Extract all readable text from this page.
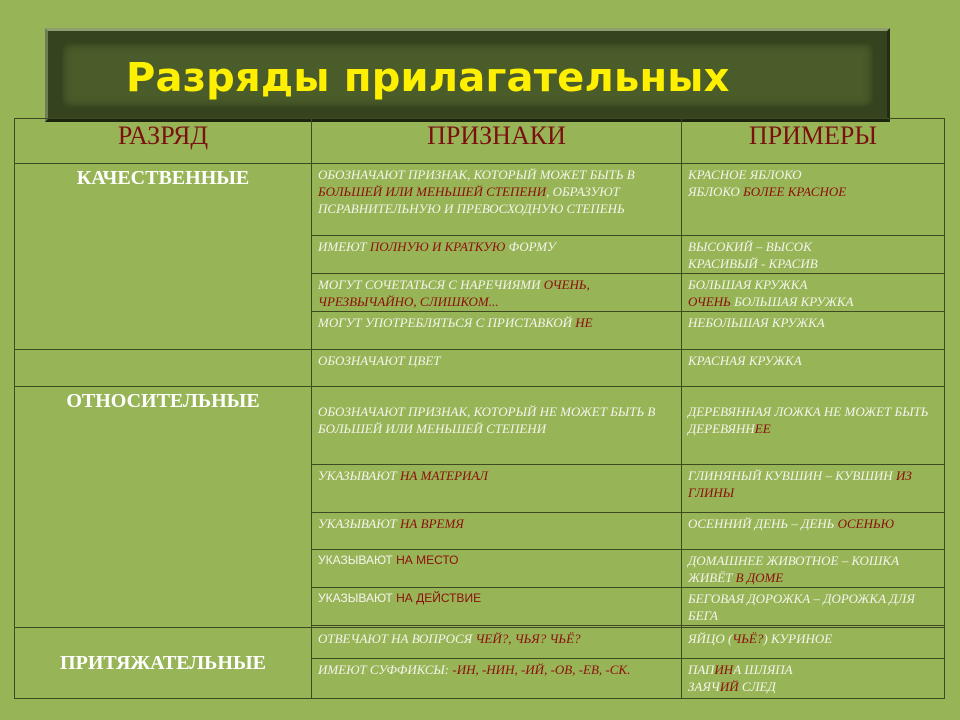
Разряды прилагательных
РАЗРЯД	ПРИЗНАКИ	ПРИМЕРЫ
КАЧЕСТВЕННЫЕ	ОБОЗНАЧАЮТ ПРИЗНАК, КОТОРЫЙ МОЖЕТ БЫТЬ В БОЛЬШЕЙ ИЛИ МЕНЬШЕЙ СТЕПЕНИ, ОБРАЗУЮТ ПСРАВНИТЕЛЬНУЮ И ПРЕВОСХОДНУЮ СТЕПЕНЬ	КРАСНОЕ ЯБЛОКО
ЯБЛОКО БОЛЕЕ КРАСНОЕ
	ИМЕЮТ ПОЛНУЮ И КРАТКУЮ ФОРМУ	ВЫСОКИЙ – ВЫСОК
КРАСИВЫЙ - КРАСИВ
	МОГУТ СОЧЕТАТЬСЯ С НАРЕЧИЯМИ ОЧЕНЬ, ЧРЕЗВЫЧАЙНО, СЛИШКОМ...	БОЛЬШАЯ КРУЖКА
ОЧЕНЬ БОЛЬШАЯ КРУЖКА
	МОГУТ УПОТРЕБЛЯТЬСЯ С ПРИСТАВКОЙ НЕ	НЕБОЛЬШАЯ КРУЖКА
	ОБОЗНАЧАЮТ ЦВЕТ	КРАСНАЯ КРУЖКА
ОТНОСИТЕЛЬНЫЕ	ОБОЗНАЧАЮТ ПРИЗНАК, КОТОРЫЙ НЕ МОЖЕТ БЫТЬ В БОЛЬШЕЙ ИЛИ МЕНЬШЕЙ СТЕПЕНИ	ДЕРЕВЯННАЯ ЛОЖКА НЕ МОЖЕТ БЫТЬ ДЕРЕВЯННЕЕ
	УКАЗЫВАЮТ НА МАТЕРИАЛ	ГЛИНЯНЫЙ КУВШИН – КУВШИН ИЗ ГЛИНЫ
	УКАЗЫВАЮТ НА ВРЕМЯ	ОСЕННИЙ ДЕНЬ – ДЕНЬ ОСЕНЬЮ
	УКАЗЫВАЮТ НА МЕСТО	ДОМАШНЕЕ ЖИВОТНОЕ – КОШКА ЖИВЁТ В ДОМЕ
	УКАЗЫВАЮТ НА ДЕЙСТВИЕ	БЕГОВАЯ ДОРОЖКА – ДОРОЖКА ДЛЯ БЕГА

ПРИТЯЖАТЕЛЬНЫЕ	ОТВЕЧАЮТ НА ВОПРОСЯ ЧЕЙ?, ЧЬЯ? ЧЬЁ?	ЯЙЦО (ЧЬЁ?) КУРИНОЕ
	ИМЕЮТ СУФФИКСЫ: -ИН, -НИН, -ИЙ, -ОВ, -ЕВ, -СК.	ПАПИНА ШЛЯПА
ЗАЯЧИЙ СЛЕД
